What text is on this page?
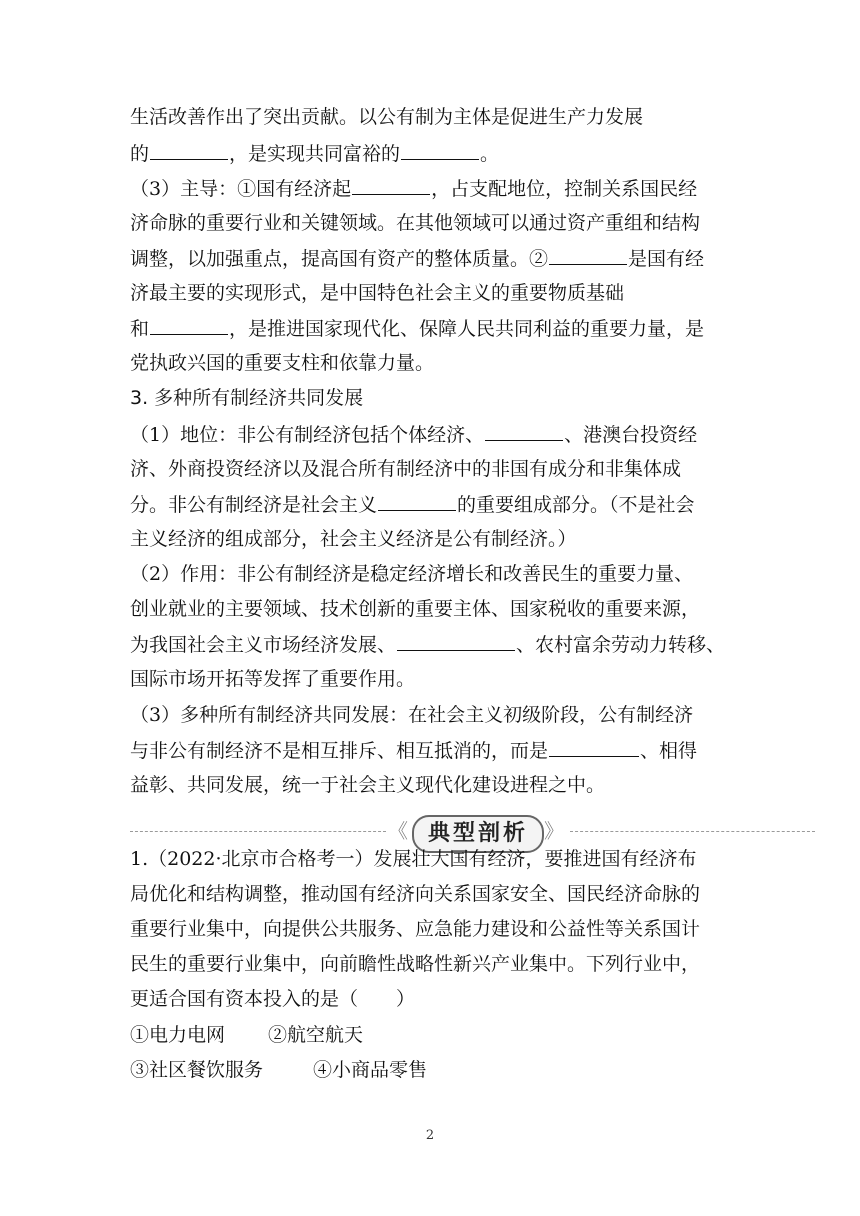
生活改善作出了突出贡献。以公有制为主体是促进生产力发展
的	，是实现共同富裕的	。
（3）主导：①国有经济起	，占支配地位，控制关系国民经
济命脉的重要行业和关键领域。在其他领域可以通过资产重组和结构
调整，以加强重点，提高国有资产的整体质量。②	是国有经
济最主要的实现形式，是中国特色社会主义的重要物质基础
和	，是推进国家现代化、保障人民共同利益的重要力量，是
党执政兴国的重要支柱和依靠力量。
3. 多种所有制经济共同发展
（1）地位：非公有制经济包括个体经济、	、港澳台投资经
济、外商投资经济以及混合所有制经济中的非国有成分和非集体成
分。非公有制经济是社会主义	的重要组成部分。（不是社会
主义经济的组成部分，社会主义经济是公有制经济。）
（2）作用：非公有制经济是稳定经济增长和改善民生的重要力量、
创业就业的主要领域、技术创新的重要主体、国家税收的重要来源，
为我国社会主义市场经济发展、	、农村富余劳动力转移、
国际市场开拓等发挥了重要作用。
（3）多种所有制经济共同发展：在社会主义初级阶段，公有制经济
与非公有制经济不是相互排斥、相互抵消的，而是	、相得
益彰、共同发展，统一于社会主义现代化建设进程之中。
《	》
典型剖析
1.（2022·北京市合格考一）发展壮大国有经济，要推进国有经济布
局优化和结构调整，推动国有经济向关系国家安全、国民经济命脉的
重要行业集中，向提供公共服务、应急能力建设和公益性等关系国计
民生的重要行业集中，向前瞻性战略性新兴产业集中。下列行业中，
更适合国有资本投入的是（　　）
①电力电网 ②航空航天
③社区餐饮服务	④小商品零售
2
